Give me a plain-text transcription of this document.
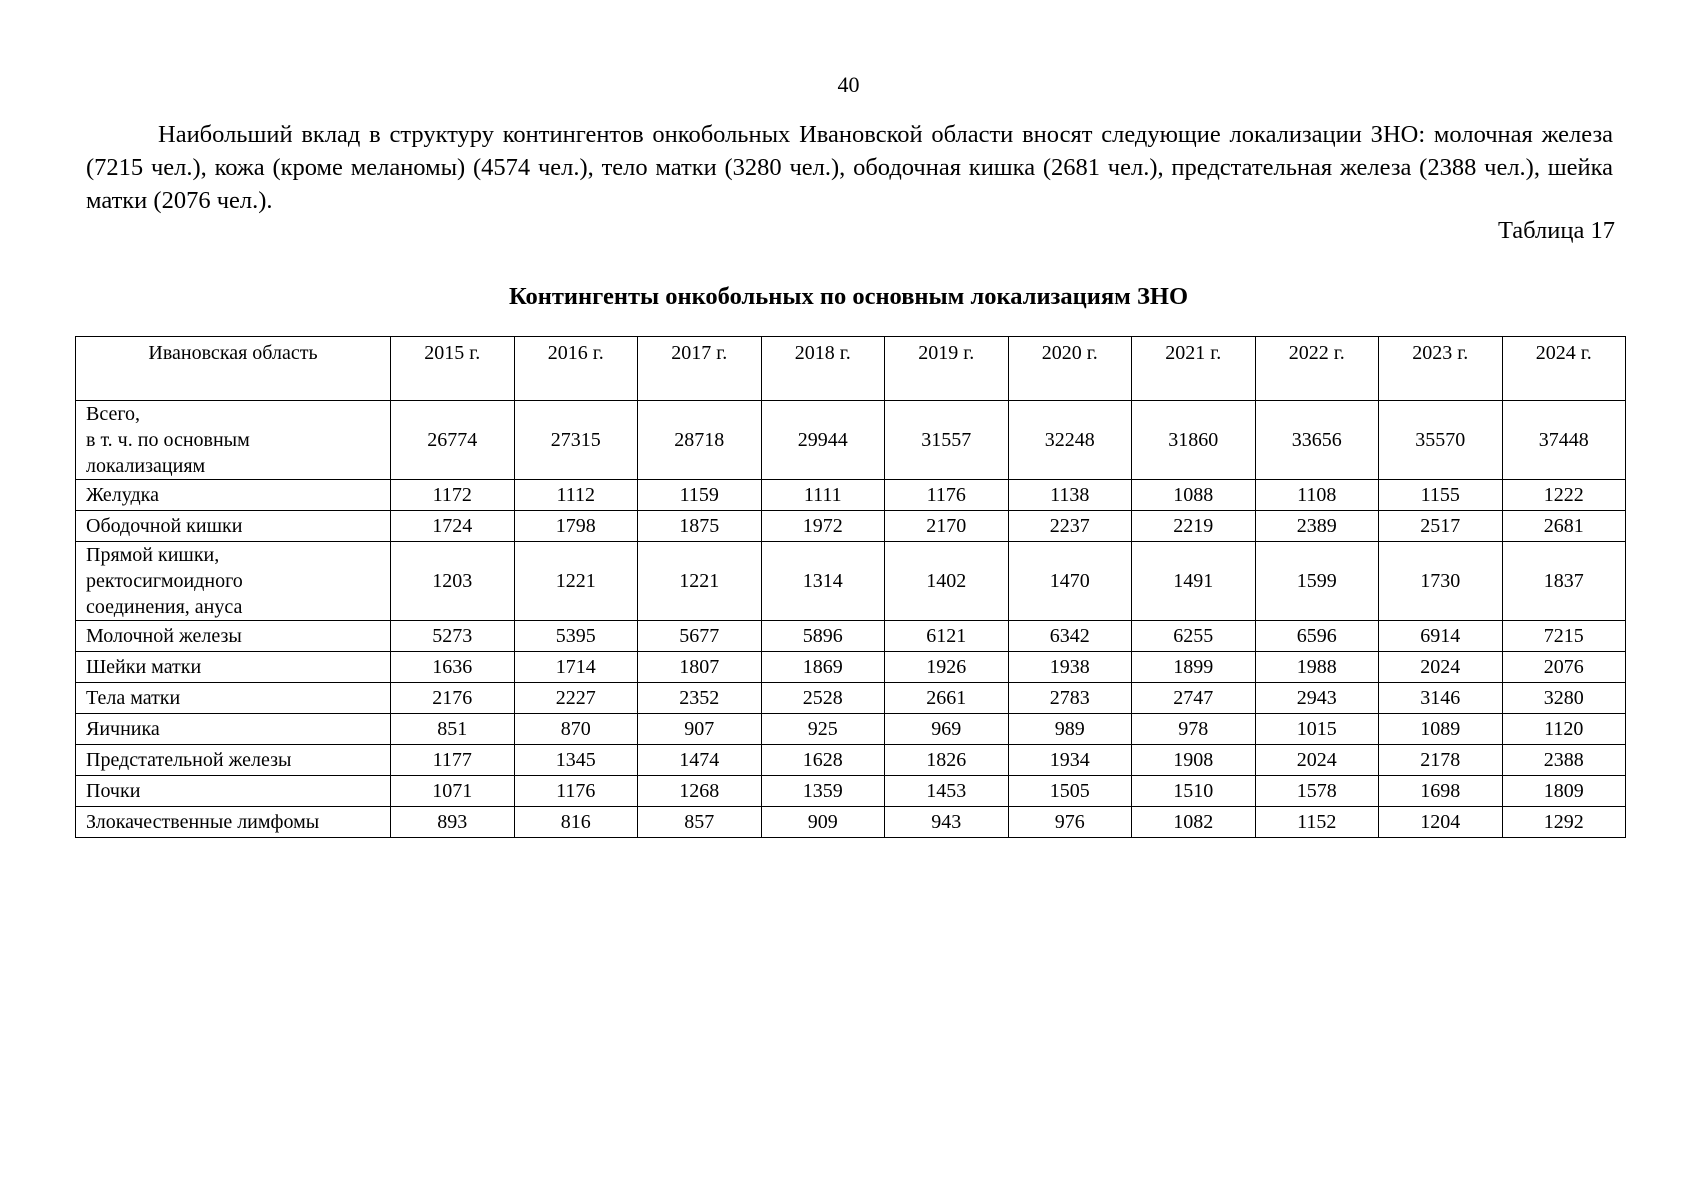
40

Наибольший вклад в структуру контингентов онкобольных Ивановской области вносят следующие локализации ЗНО: молочная железа (7215 чел.), кожа (кроме меланомы) (4574 чел.), тело матки (3280 чел.), ободочная кишка (2681 чел.), предстательная железа (2388 чел.), шейка матки (2076 чел.).

Таблица 17
Контингенты онкобольных по основным локализациям ЗНО
Ивановская область	2015 г.	2016 г.	2017 г.	2018 г.	2019 г.	2020 г.	2021 г.	2022 г.	2023 г.	2024 г.
Всего,
в т. ч. по основным
локализациям	26774	27315	28718	29944	31557	32248	31860	33656	35570	37448
Желудка	1172	1112	1159	1111	1176	1138	1088	1108	1155	1222
Ободочной кишки	1724	1798	1875	1972	2170	2237	2219	2389	2517	2681
Прямой кишки,
ректосигмоидного
соединения, ануса	1203	1221	1221	1314	1402	1470	1491	1599	1730	1837
Молочной железы	5273	5395	5677	5896	6121	6342	6255	6596	6914	7215
Шейки матки	1636	1714	1807	1869	1926	1938	1899	1988	2024	2076
Тела матки	2176	2227	2352	2528	2661	2783	2747	2943	3146	3280
Яичника	851	870	907	925	969	989	978	1015	1089	1120
Предстательной железы	1177	1345	1474	1628	1826	1934	1908	2024	2178	2388
Почки	1071	1176	1268	1359	1453	1505	1510	1578	1698	1809
Злокачественные лимфомы	893	816	857	909	943	976	1082	1152	1204	1292
